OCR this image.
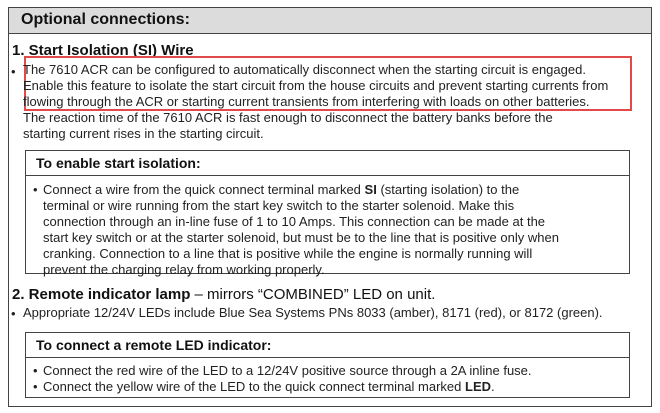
Optional connections:
1. Start Isolation (SI) Wire
• The 7610 ACR can be configured to automatically disconnect when the starting circuit is engaged.
Enable this feature to isolate the start circuit from the house circuits and prevent starting currents from
flowing through the ACR or starting current transients from interfering with loads on other batteries.
The reaction time of the 7610 ACR is fast enough to disconnect the battery banks before the
starting current rises in the starting circuit.
To enable start isolation:
• Connect a wire from the quick connect terminal marked SI (starting isolation) to the
terminal or wire running from the start key switch to the starter solenoid. Make this
connection through an in-line fuse of 1 to 10 Amps. This connection can be made at the
start key switch or at the starter solenoid, but must be to the line that is positive only when
cranking. Connection to a line that is positive while the engine is normally running will
prevent the charging relay from working properly.
2. Remote indicator lamp – mirrors “COMBINED” LED on unit.
• Appropriate 12/24V LEDs include Blue Sea Systems PNs 8033 (amber), 8171 (red), or 8172 (green).
To connect a remote LED indicator:
•
•
Connect the red wire of the LED to a 12/24V positive source through a 2A inline fuse.
Connect the yellow wire of the LED to the quick connect terminal marked LED.
